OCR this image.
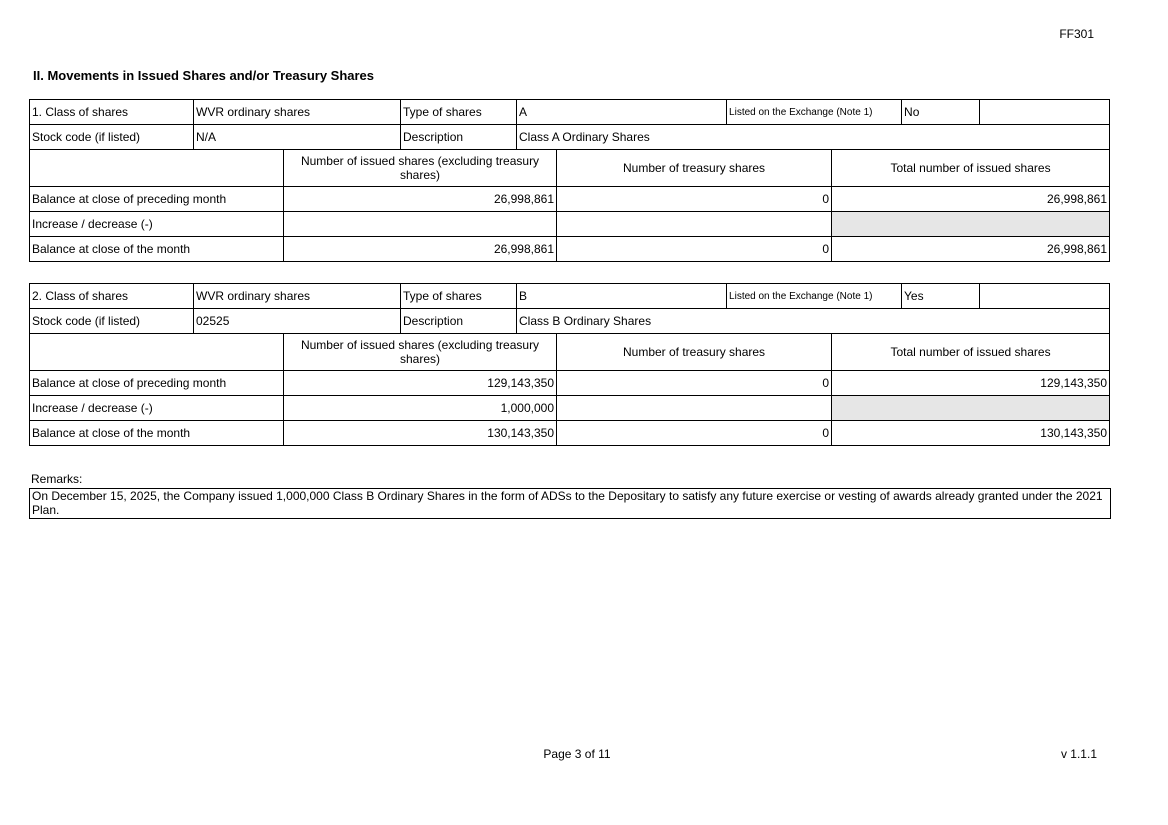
FF301
II. Movements in Issued Shares and/or Treasury Shares
1. Class of shares	WVR ordinary shares		Type of shares	A		Listed on the Exchange (Note 1)		No	
Stock code (if listed)	N/A		Description	Class A Ordinary Shares					
		Number of issued shares (excluding treasury shares)			Number of treasury shares		Total number of issued shares		
Balance at close of preceding month		26,998,861			0		26,998,861		
Increase / decrease (-)									
Balance at close of the month		26,998,861			0		26,998,861		
2. Class of shares	WVR ordinary shares		Type of shares	B		Listed on the Exchange (Note 1)		Yes	
Stock code (if listed)	02525		Description	Class B Ordinary Shares					
		Number of issued shares (excluding treasury shares)			Number of treasury shares		Total number of issued shares		
Balance at close of preceding month		129,143,350			0		129,143,350		
Increase / decrease (-)		1,000,000							
Balance at close of the month		130,143,350			0		130,143,350		
Remarks:
On December 15, 2025, the Company issued 1,000,000 Class B Ordinary Shares in the form of ADSs to the Depositary to satisfy any future exercise or vesting of awards already granted under the 2021 Plan.
Page 3 of 11	v 1.1.1
